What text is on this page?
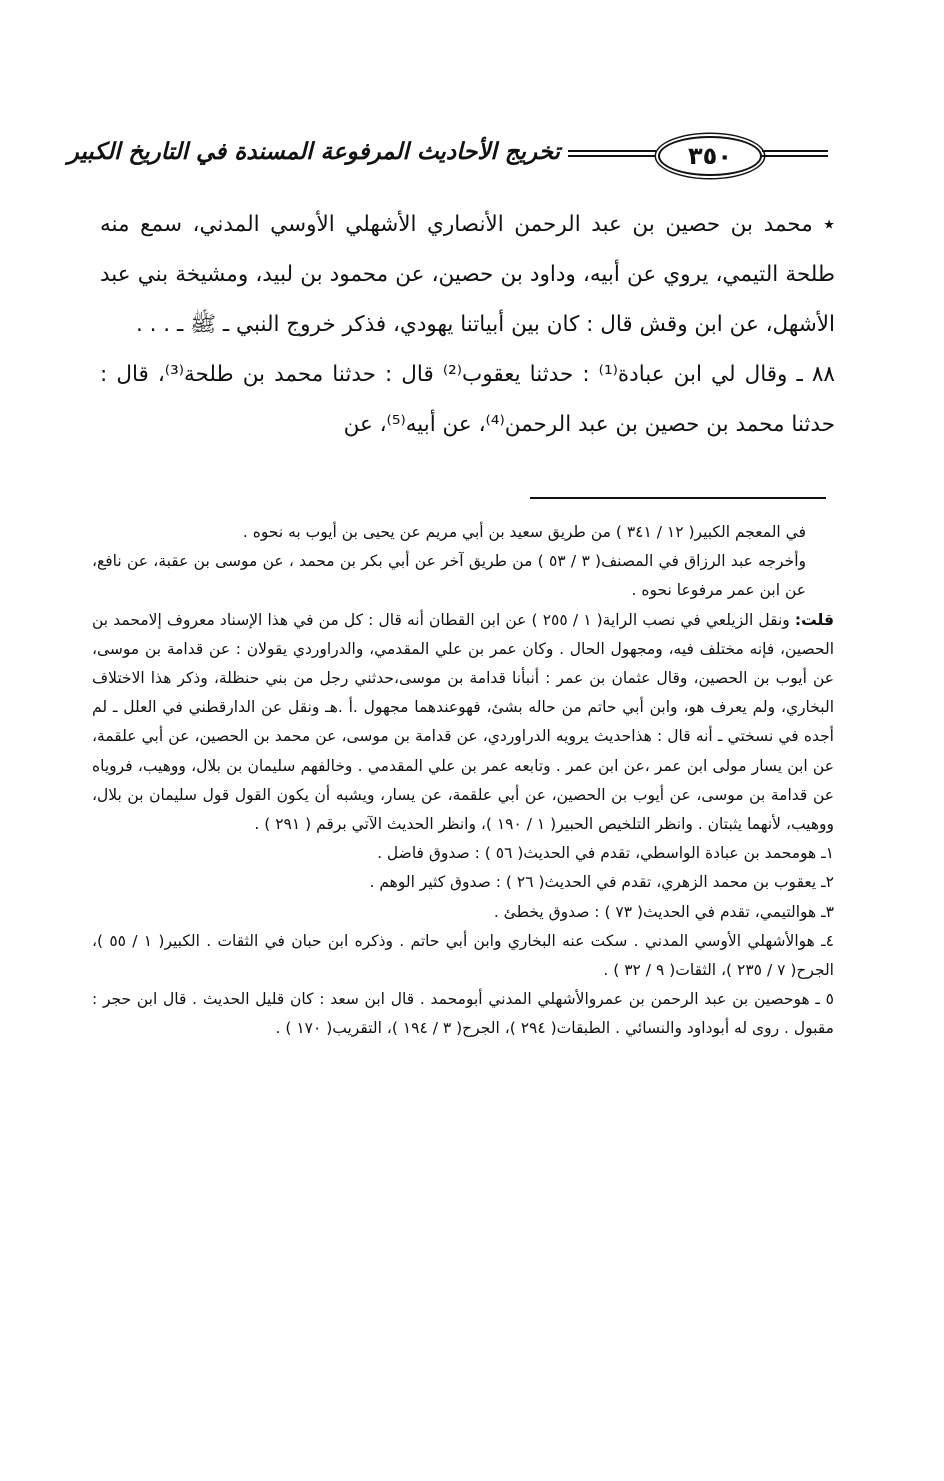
تخريج الأحاديث المرفوعة المسندة في التاريخ الكبير	٣٥٠

٭ محمد بن حصين بن عبد الرحمن الأنصاري الأشهلي الأوسي المدني، سمع منه طلحة التيمي، يروي عن أبيه، وداود بن حصين، عن محمود بن لبيد، ومشيخة بني عبد الأشهل، عن ابن وقش قال : كان بين أبياتنا يهودي، فذكر خروج النبي ـ ﷺ ـ . . .

٨٨ ـ وقال لي ابن عبادة⁽¹⁾ : حدثنا يعقوب⁽²⁾ قال : حدثنا محمد بن طلحة⁽³⁾، قال : حدثنا محمد بن حصين بن عبد الرحمن⁽⁴⁾، عن أبيه⁽⁵⁾، عن

في المعجم الكبير( ١٢ / ٣٤١ ) من طريق سعيد بن أبي مريم عن يحيى بن أيوب به نحوه .

وأخرجه عبد الرزاق في المصنف( ٣ / ٥٣ ) من طريق آخر عن أبي بكر بن محمد ، عن موسى بن عقبة، عن نافع، عن ابن عمر مرفوعا نحوه .

قلت: ونقل الزيلعي في نصب الراية( ١ / ٢٥٥ ) عن ابن القطان أنه قال : كل من في هذا الإسناد معروف إلامحمد بن الحصين، فإنه مختلف فيه، ومجهول الحال . وكان عمر بن علي المقدمي، والدراوردي يقولان : عن قدامة بن موسى، عن أيوب بن الحصين، وقال عثمان بن عمر : أنبأنا قدامة بن موسى،حدثني رجل من بني حنظلة، وذكر هذا الاختلاف البخاري، ولم يعرف هو، وابن أبي حاتم من حاله بشئ، فهوعندهما مجهول .أ .هـ ونقل عن الدارقطني في العلل ـ لم أجده في نسختي ـ أنه قال : هذاحديث يرويه الدراوردي، عن قدامة بن موسى، عن محمد بن الحصين، عن أبي علقمة، عن ابن يسار مولى ابن عمر ،عن ابن عمر . وتابعه عمر بن علي المقدمي . وخالفهم سليمان بن بلال، ووهيب، فروياه عن قدامة بن موسى، عن أيوب بن الحصين، عن أبي علقمة، عن يسار، ويشبه أن يكون القول قول سليمان بن بلال، ووهيب، لأنهما يثبتان . وانظر التلخيص الحبير( ١ / ١٩٠ )، وانظر الحديث الآتي برقم ( ٢٩١ ) .

١ـ هومحمد بن عبادة الواسطي، تقدم في الحديث( ٥٦ ) : صدوق فاضل .

٢ـ يعقوب بن محمد الزهري، تقدم في الحديث( ٢٦ ) : صدوق كثير الوهم .

٣ـ هوالتيمي، تقدم في الحديث( ٧٣ ) : صدوق يخطئ .

٤ـ هوالأشهلي الأوسي المدني . سكت عنه البخاري وابن أبي حاتم . وذكره ابن حبان في الثقات . الكبير( ١ / ٥٥ )، الجرح( ٧ / ٢٣٥ )، الثقات( ٩ / ٣٢ ) .

٥ ـ هوحصين بن عبد الرحمن بن عمروالأشهلي المدني أبومحمد . قال ابن سعد : كان قليل الحديث . قال ابن حجر : مقبول . روى له أبوداود والنسائي . الطبقات( ٢٩٤ )، الجرح( ٣ / ١٩٤ )، التقريب( ١٧٠ ) .
